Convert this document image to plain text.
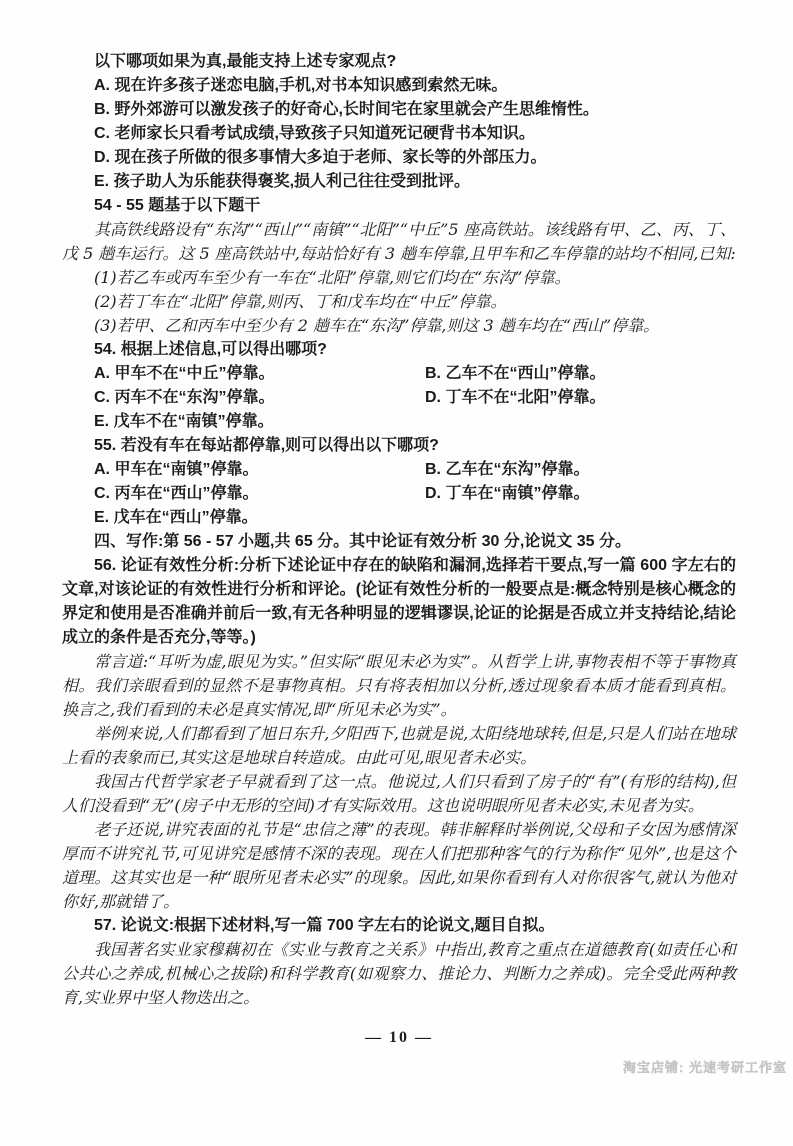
以下哪项如果为真,最能支持上述专家观点?

A. 现在许多孩子迷恋电脑,手机,对书本知识感到索然无味。

B. 野外郊游可以激发孩子的好奇心,长时间宅在家里就会产生思维惰性。

C. 老师家长只看考试成绩,导致孩子只知道死记硬背书本知识。

D. 现在孩子所做的很多事情大多迫于老师、家长等的外部压力。

E. 孩子助人为乐能获得褒奖,损人利己往往受到批评。

54 - 55 题基于以下题干

其高铁线路设有“东沟”“西山”“南镇”“北阳”“中丘”5 座高铁站。该线路有甲、乙、丙、丁、戊 5 趟车运行。这 5 座高铁站中,每站恰好有 3 趟车停靠,且甲车和乙车停靠的站均不相同,已知:

(1)若乙车或丙车至少有一车在“北阳”停靠,则它们均在“东沟”停靠。

(2)若丁车在“北阳”停靠,则丙、丁和戊车均在“中丘”停靠。

(3)若甲、乙和丙车中至少有 2 趟车在“东沟”停靠,则这 3 趟车均在“西山”停靠。

54. 根据上述信息,可以得出哪项?

A. 甲车不在“中丘”停靠。	B. 乙车不在“西山”停靠。
C. 丙车不在“东沟”停靠。	D. 丁车不在“北阳”停靠。
E. 戊车不在“南镇”停靠。

55. 若没有车在每站都停靠,则可以得出以下哪项?

A. 甲车在“南镇”停靠。	B. 乙车在“东沟”停靠。
C. 丙车在“西山”停靠。	D. 丁车在“南镇”停靠。
E. 戊车在“西山”停靠。

四、写作:第 56 - 57 小题,共 65 分。其中论证有效分析 30 分,论说文 35 分。

56. 论证有效性分析:分析下述论证中存在的缺陷和漏洞,选择若干要点,写一篇 600 字左右的文章,对该论证的有效性进行分析和评论。(论证有效性分析的一般要点是:概念特别是核心概念的界定和使用是否准确并前后一致,有无各种明显的逻辑谬误,论证的论据是否成立并支持结论,结论成立的条件是否充分,等等。)

常言道:“耳听为虚,眼见为实。”但实际“眼见未必为实”。从哲学上讲,事物表相不等于事物真相。我们亲眼看到的显然不是事物真相。只有将表相加以分析,透过现象看本质才能看到真相。换言之,我们看到的未必是真实情况,即“所见未必为实”。

举例来说,人们都看到了旭日东升,夕阳西下,也就是说,太阳绕地球转,但是,只是人们站在地球上看的表象而已,其实这是地球自转造成。由此可见,眼见者未必实。

我国古代哲学家老子早就看到了这一点。他说过,人们只看到了房子的“有”(有形的结构),但人们没看到“无”(房子中无形的空间)才有实际效用。这也说明眼所见者未必实,未见者为实。

老子还说,讲究表面的礼节是“忠信之薄”的表现。韩非解释时举例说,父母和子女因为感情深厚而不讲究礼节,可见讲究是感情不深的表现。现在人们把那种客气的行为称作“见外”,也是这个道理。这其实也是一种“眼所见者未必实”的现象。因此,如果你看到有人对你很客气,就认为他对你好,那就错了。

57. 论说文:根据下述材料,写一篇 700 字左右的论说文,题目自拟。

我国著名实业家穆藕初在《实业与教育之关系》中指出,教育之重点在道德教育(如责任心和公共心之养成,机械心之拔除)和科学教育(如观察力、推论力、判断力之养成)。完全受此两种教育,实业界中坚人物迭出之。

— 10 —
淘宝店铺: 光速考研工作室
